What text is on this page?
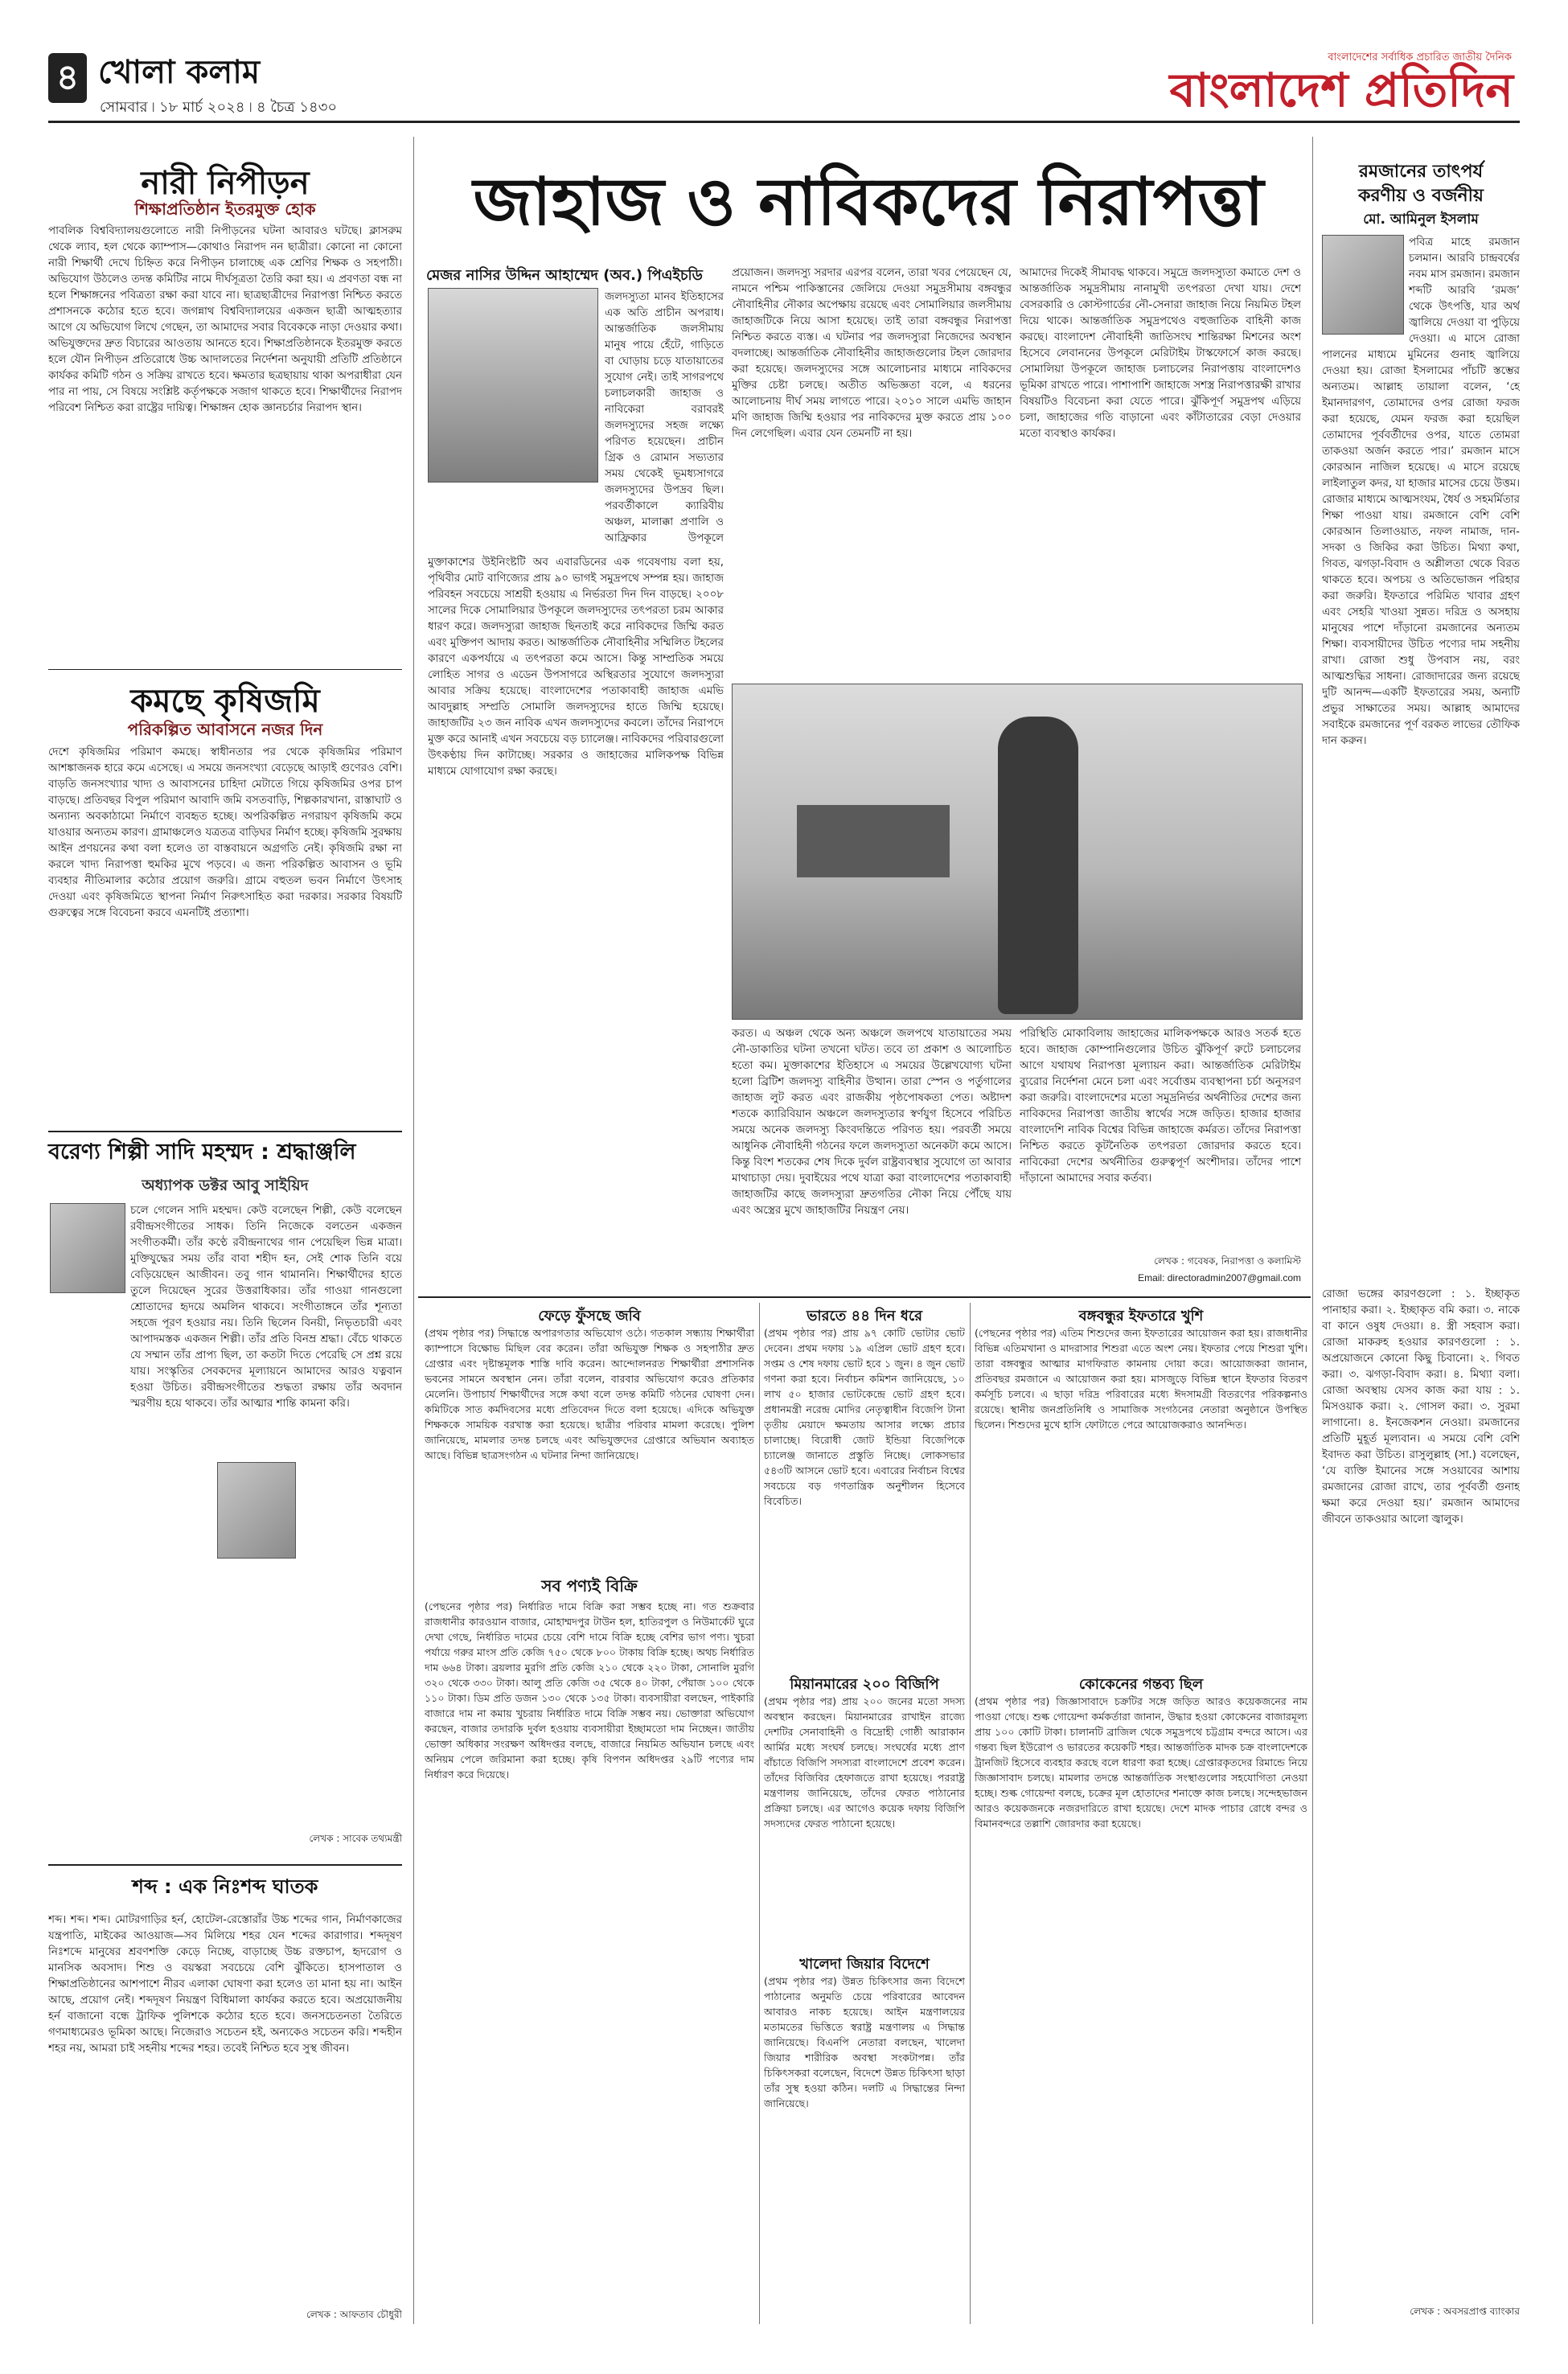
৪ খোলা কলাম
সোমবার ৷ ১৮ মার্চ ২০২৪ ৷ ৪ চৈত্র ১৪৩০
বাংলাদেশের সর্বাধিক প্রচারিত জাতীয় দৈনিক
বাংলাদেশ প্রতিদিন
নারী নিপীড়ন
শিক্ষাপ্রতিষ্ঠান ইতরমুক্ত হোক
পাবলিক বিশ্ববিদ্যালয়গুলোতে নারী নিপীড়নের ঘটনা আবারও ঘটছে। ক্লাসরুম থেকে ল্যাব, হল থেকে ক্যাম্পাস—কোথাও নিরাপদ নন ছাত্রীরা। কোনো না কোনো নারী শিক্ষার্থী দেখে চিহ্নিত করে নিপীড়ন চালাচ্ছে এক শ্রেণির শিক্ষক ও সহপাঠী। অভিযোগ উঠলেও তদন্ত কমিটির নামে দীর্ঘসূত্রতা তৈরি করা হয়। এ প্রবণতা বন্ধ না হলে শিক্ষাঙ্গনের পবিত্রতা রক্ষা করা যাবে না। ছাত্রছাত্রীদের নিরাপত্তা নিশ্চিত করতে প্রশাসনকে কঠোর হতে হবে। জগন্নাথ বিশ্ববিদ্যালয়ের একজন ছাত্রী আত্মহত্যার আগে যে অভিযোগ লিখে গেছেন, তা আমাদের সবার বিবেককে নাড়া দেওয়ার কথা। অভিযুক্তদের দ্রুত বিচারের আওতায় আনতে হবে। শিক্ষাপ্রতিষ্ঠানকে ইতরমুক্ত করতে হলে যৌন নিপীড়ন প্রতিরোধে উচ্চ আদালতের নির্দেশনা অনুযায়ী প্রতিটি প্রতিষ্ঠানে কার্যকর কমিটি গঠন ও সক্রিয় রাখতে হবে। ক্ষমতার ছত্রছায়ায় থাকা অপরাধীরা যেন পার না পায়, সে বিষয়ে সংশ্লিষ্ট কর্তৃপক্ষকে সজাগ থাকতে হবে। শিক্ষার্থীদের নিরাপদ পরিবেশ নিশ্চিত করা রাষ্ট্রের দায়িত্ব। শিক্ষাঙ্গন হোক জ্ঞানচর্চার নিরাপদ স্থান।
কমছে কৃষিজমি
পরিকল্পিত আবাসনে নজর দিন
দেশে কৃষিজমির পরিমাণ কমছে। স্বাধীনতার পর থেকে কৃষিজমির পরিমাণ আশঙ্কাজনক হারে কমে এসেছে। এ সময়ে জনসংখ্যা বেড়েছে আড়াই গুণেরও বেশি। বাড়তি জনসংখ্যার খাদ্য ও আবাসনের চাহিদা মেটাতে গিয়ে কৃষিজমির ওপর চাপ বাড়ছে। প্রতিবছর বিপুল পরিমাণ আবাদি জমি বসতবাড়ি, শিল্পকারখানা, রাস্তাঘাট ও অন্যান্য অবকাঠামো নির্মাণে ব্যবহৃত হচ্ছে। অপরিকল্পিত নগরায়ণ কৃষিজমি কমে যাওয়ার অন্যতম কারণ। গ্রামাঞ্চলেও যত্রতত্র বাড়িঘর নির্মাণ হচ্ছে। কৃষিজমি সুরক্ষায় আইন প্রণয়নের কথা বলা হলেও তা বাস্তবায়নে অগ্রগতি নেই। কৃষিজমি রক্ষা না করলে খাদ্য নিরাপত্তা হুমকির মুখে পড়বে। এ জন্য পরিকল্পিত আবাসন ও ভূমি ব্যবহার নীতিমালার কঠোর প্রয়োগ জরুরি। গ্রামে বহুতল ভবন নির্মাণে উৎসাহ দেওয়া এবং কৃষিজমিতে স্থাপনা নির্মাণ নিরুৎসাহিত করা দরকার। সরকার বিষয়টি গুরুত্বের সঙ্গে বিবেচনা করবে এমনটিই প্রত্যাশা।
বরেণ্য শিল্পী সাদি মহম্মদ : শ্রদ্ধাঞ্জলি
অধ্যাপক ডক্টর আবু সাইয়িদ
চলে গেলেন সাদি মহম্মদ। কেউ বলেছেন শিল্পী, কেউ বলেছেন রবীন্দ্রসংগীতের সাধক। তিনি নিজেকে বলতেন একজন সংগীতকর্মী। তাঁর কণ্ঠে রবীন্দ্রনাথের গান পেয়েছিল ভিন্ন মাত্রা। মুক্তিযুদ্ধের সময় তাঁর বাবা শহীদ হন, সেই শোক তিনি বয়ে বেড়িয়েছেন আজীবন। তবু গান থামাননি। শিক্ষার্থীদের হাতে তুলে দিয়েছেন সুরের উত্তরাধিকার। তাঁর গাওয়া গানগুলো শ্রোতাদের হৃদয়ে অমলিন থাকবে। সংগীতাঙ্গনে তাঁর শূন্যতা সহজে পূরণ হওয়ার নয়। তিনি ছিলেন বিনয়ী, নিভৃতচারী এবং আপাদমস্তক একজন শিল্পী। তাঁর প্রতি বিনম্র শ্রদ্ধা। বেঁচে থাকতে যে সম্মান তাঁর প্রাপ্য ছিল, তা কতটা দিতে পেরেছি সে প্রশ্ন রয়ে যায়। সংস্কৃতির সেবকদের মূল্যায়নে আমাদের আরও যত্নবান হওয়া উচিত। রবীন্দ্রসংগীতের শুদ্ধতা রক্ষায় তাঁর অবদান স্মরণীয় হয়ে থাকবে। তাঁর আত্মার শান্তি কামনা করি।
লেখক : সাবেক তথ্যমন্ত্রী
শব্দ : এক নিঃশব্দ ঘাতক
শব্দ। শব্দ। শব্দ। মোটরগাড়ির হর্ন, হোটেল-রেস্তোরাঁর উচ্চ শব্দের গান, নির্মাণকাজের যন্ত্রপাতি, মাইকের আওয়াজ—সব মিলিয়ে শহর যেন শব্দের কারাগার। শব্দদূষণ নিঃশব্দে মানুষের শ্রবণশক্তি কেড়ে নিচ্ছে, বাড়াচ্ছে উচ্চ রক্তচাপ, হৃদরোগ ও মানসিক অবসাদ। শিশু ও বয়স্করা সবচেয়ে বেশি ঝুঁকিতে। হাসপাতাল ও শিক্ষাপ্রতিষ্ঠানের আশপাশে নীরব এলাকা ঘোষণা করা হলেও তা মানা হয় না। আইন আছে, প্রয়োগ নেই। শব্দদূষণ নিয়ন্ত্রণ বিধিমালা কার্যকর করতে হবে। অপ্রয়োজনীয় হর্ন বাজানো বন্ধে ট্রাফিক পুলিশকে কঠোর হতে হবে। জনসচেতনতা তৈরিতে গণমাধ্যমেরও ভূমিকা আছে। নিজেরাও সচেতন হই, অন্যকেও সচেতন করি। শব্দহীন শহর নয়, আমরা চাই সহনীয় শব্দের শহর। তবেই নিশ্চিত হবে সুস্থ জীবন।
লেখক : আফতাব চৌধুরী
জাহাজ ও নাবিকদের নিরাপত্তা
মেজর নাসির উদ্দিন আহাম্মেদ (অব.) পিএইচডি
জলদস্যুতা মানব ইতিহাসের এক অতি প্রাচীন অপরাধ। আন্তর্জাতিক জলসীমায় মানুষ পায়ে হেঁটে, গাড়িতে বা ঘোড়ায় চড়ে যাতায়াতের সুযোগ নেই। তাই সাগরপথে চলাচলকারী জাহাজ ও নাবিকেরা বরাবরই জলদস্যুদের সহজ লক্ষ্যে পরিণত হয়েছেন। প্রাচীন গ্রিক ও রোমান সভ্যতার সময় থেকেই ভূমধ্যসাগরে জলদস্যুদের উপদ্রব ছিল। পরবর্তীকালে ক্যারিবীয় অঞ্চল, মালাক্কা প্রণালি ও আফ্রিকার উপকূলে
মুক্তাকাশের উইনিংষ্টটি অব এবারডিনের এক গবেষণায় বলা হয়, পৃথিবীর মোট বাণিজ্যের প্রায় ৯০ ভাগই সমুদ্রপথে সম্পন্ন হয়। জাহাজ পরিবহন সবচেয়ে সাশ্রয়ী হওয়ায় এ নির্ভরতা দিন দিন বাড়ছে। ২০০৮ সালের দিকে সোমালিয়ার উপকূলে জলদস্যুদের তৎপরতা চরম আকার ধারণ করে। জলদস্যুরা জাহাজ ছিনতাই করে নাবিকদের জিম্মি করত এবং মুক্তিপণ আদায় করত। আন্তর্জাতিক নৌবাহিনীর সম্মিলিত টহলের কারণে একপর্যায়ে এ তৎপরতা কমে আসে। কিন্তু সাম্প্রতিক সময়ে লোহিত সাগর ও এডেন উপসাগরে অস্থিরতার সুযোগে জলদস্যুরা আবার সক্রিয় হয়েছে। বাংলাদেশের পতাকাবাহী জাহাজ এমভি আবদুল্লাহ সম্প্রতি সোমালি জলদস্যুদের হাতে জিম্মি হয়েছে। জাহাজটির ২৩ জন নাবিক এখন জলদস্যুদের কবলে। তাঁদের নিরাপদে মুক্ত করে আনাই এখন সবচেয়ে বড় চ্যালেঞ্জ। নাবিকদের পরিবারগুলো উৎকণ্ঠায় দিন কাটাচ্ছে। সরকার ও জাহাজের মালিকপক্ষ বিভিন্ন মাধ্যমে যোগাযোগ রক্ষা করছে।
প্রয়োজন। জলদস্যু সরদার এরপর বলেন, তারা খবর পেয়েছেন যে, নামনে পশ্চিম পাকিস্তানের জেলিয়ে দেওয়া সমুদ্রসীমায় বঙ্গবন্ধুর নৌবাহিনীর নৌকার অপেক্ষায় রয়েছে এবং সোমালিয়ার জলসীমায় জাহাজটিকে নিয়ে আসা হয়েছে। তাই তারা বঙ্গবন্ধুর নিরাপত্তা নিশ্চিত করতে ব্যস্ত। এ ঘটনার পর জলদস্যুরা নিজেদের অবস্থান বদলাচ্ছে। আন্তর্জাতিক নৌবাহিনীর জাহাজগুলোর টহল জোরদার করা হয়েছে। জলদস্যুদের সঙ্গে আলোচনার মাধ্যমে নাবিকদের মুক্তির চেষ্টা চলছে। অতীত অভিজ্ঞতা বলে, এ ধরনের আলোচনায় দীর্ঘ সময় লাগতে পারে। ২০১০ সালে এমভি জাহান মণি জাহাজ জিম্মি হওয়ার পর নাবিকদের মুক্ত করতে প্রায় ১০০ দিন লেগেছিল। এবার যেন তেমনটি না হয়।
আমাদের দিকেই সীমাবদ্ধ থাকবে। সমুদ্রে জলদস্যুতা কমাতে দেশ ও আন্তর্জাতিক সমুদ্রসীমায় নানামুখী তৎপরতা দেখা যায়। দেশে বেসরকারি ও কোস্টগার্ডের নৌ-সেনারা জাহাজ নিয়ে নিয়মিত টহল দিয়ে থাকে। আন্তর্জাতিক সমুদ্রপথেও বহুজাতিক বাহিনী কাজ করছে। বাংলাদেশ নৌবাহিনী জাতিসংঘ শান্তিরক্ষা মিশনের অংশ হিসেবে লেবাননের উপকূলে মেরিটাইম টাস্কফোর্সে কাজ করছে। সোমালিয়া উপকূলে জাহাজ চলাচলের নিরাপত্তায় বাংলাদেশও ভূমিকা রাখতে পারে। পাশাপাশি জাহাজে সশস্ত্র নিরাপত্তারক্ষী রাখার বিষয়টিও বিবেচনা করা যেতে পারে। ঝুঁকিপূর্ণ সমুদ্রপথ এড়িয়ে চলা, জাহাজের গতি বাড়ানো এবং কাঁটাতারের বেড়া দেওয়ার মতো ব্যবস্থাও কার্যকর।
করত। এ অঞ্চল থেকে অন্য অঞ্চলে জলপথে যাতায়াতের সময় নৌ-ডাকাতির ঘটনা তখনো ঘটত। তবে তা প্রকাশ ও আলোচিত হতো কম। মুক্তাকাশের ইতিহাসে এ সময়ের উল্লেখযোগ্য ঘটনা হলো ব্রিটিশ জলদস্যু বাহিনীর উত্থান। তারা স্পেন ও পর্তুগালের জাহাজ লুট করত এবং রাজকীয় পৃষ্ঠপোষকতা পেত। অষ্টাদশ শতকে ক্যারিবিয়ান অঞ্চলে জলদস্যুতার স্বর্ণযুগ হিসেবে পরিচিত সময়ে অনেক জলদস্যু কিংবদন্তিতে পরিণত হয়। পরবর্তী সময়ে আধুনিক নৌবাহিনী গঠনের ফলে জলদস্যুতা অনেকটা কমে আসে। কিন্তু বিংশ শতকের শেষ দিকে দুর্বল রাষ্ট্রব্যবস্থার সুযোগে তা আবার মাথাচাড়া দেয়। দুবাইয়ের পথে যাত্রা করা বাংলাদেশের পতাকাবাহী জাহাজটির কাছে জলদস্যুরা দ্রুতগতির নৌকা নিয়ে পৌঁছে যায় এবং অস্ত্রের মুখে জাহাজটির নিয়ন্ত্রণ নেয়।
পরিস্থিতি মোকাবিলায় জাহাজের মালিকপক্ষকে আরও সতর্ক হতে হবে। জাহাজ কোম্পানিগুলোর উচিত ঝুঁকিপূর্ণ রুটে চলাচলের আগে যথাযথ নিরাপত্তা মূল্যায়ন করা। আন্তর্জাতিক মেরিটাইম ব্যুরোর নির্দেশনা মেনে চলা এবং সর্বোত্তম ব্যবস্থাপনা চর্চা অনুসরণ করা জরুরি। বাংলাদেশের মতো সমুদ্রনির্ভর অর্থনীতির দেশের জন্য নাবিকদের নিরাপত্তা জাতীয় স্বার্থের সঙ্গে জড়িত। হাজার হাজার বাংলাদেশি নাবিক বিশ্বের বিভিন্ন জাহাজে কর্মরত। তাঁদের নিরাপত্তা নিশ্চিত করতে কূটনৈতিক তৎপরতা জোরদার করতে হবে। নাবিকেরা দেশের অর্থনীতির গুরুত্বপূর্ণ অংশীদার। তাঁদের পাশে দাঁড়ানো আমাদের সবার কর্তব্য।
লেখক : গবেষক, নিরাপত্তা ও কলামিস্ট
Email: directoradmin2007@gmail.com
ফেড়ে ফুঁসছে জবি
(প্রথম পৃষ্ঠার পর) সিদ্ধান্তে অপারগতার অভিযোগ ওঠে। গতকাল সন্ধ্যায় শিক্ষার্থীরা ক্যাম্পাসে বিক্ষোভ মিছিল বের করেন। তাঁরা অভিযুক্ত শিক্ষক ও সহপাঠীর দ্রুত গ্রেপ্তার এবং দৃষ্টান্তমূলক শাস্তি দাবি করেন। আন্দোলনরত শিক্ষার্থীরা প্রশাসনিক ভবনের সামনে অবস্থান নেন। তাঁরা বলেন, বারবার অভিযোগ করেও প্রতিকার মেলেনি। উপাচার্য শিক্ষার্থীদের সঙ্গে কথা বলে তদন্ত কমিটি গঠনের ঘোষণা দেন। কমিটিকে সাত কর্মদিবসের মধ্যে প্রতিবেদন দিতে বলা হয়েছে। এদিকে অভিযুক্ত শিক্ষককে সাময়িক বরখাস্ত করা হয়েছে। ছাত্রীর পরিবার মামলা করেছে। পুলিশ জানিয়েছে, মামলার তদন্ত চলছে এবং অভিযুক্তদের গ্রেপ্তারে অভিযান অব্যাহত আছে। বিভিন্ন ছাত্রসংগঠন এ ঘটনার নিন্দা জানিয়েছে।
সব পণ্যই বিক্রি
(পেছনের পৃষ্ঠার পর) নির্ধারিত দামে বিক্রি করা সম্ভব হচ্ছে না। গত শুক্রবার রাজধানীর কারওয়ান বাজার, মোহাম্মদপুর টাউন হল, হাতিরপুল ও নিউমার্কেট ঘুরে দেখা গেছে, নির্ধারিত দামের চেয়ে বেশি দামে বিক্রি হচ্ছে বেশির ভাগ পণ্য। খুচরা পর্যায়ে গরুর মাংস প্রতি কেজি ৭৫০ থেকে ৮০০ টাকায় বিক্রি হচ্ছে। অথচ নির্ধারিত দাম ৬৬৪ টাকা। ব্রয়লার মুরগি প্রতি কেজি ২১০ থেকে ২২০ টাকা, সোনালি মুরগি ৩২০ থেকে ৩৩০ টাকা। আলু প্রতি কেজি ৩৫ থেকে ৪০ টাকা, পেঁয়াজ ১০০ থেকে ১১০ টাকা। ডিম প্রতি ডজন ১৩০ থেকে ১৩৫ টাকা। ব্যবসায়ীরা বলছেন, পাইকারি বাজারে দাম না কমায় খুচরায় নির্ধারিত দামে বিক্রি সম্ভব নয়। ভোক্তারা অভিযোগ করছেন, বাজার তদারকি দুর্বল হওয়ায় ব্যবসায়ীরা ইচ্ছামতো দাম নিচ্ছেন। জাতীয় ভোক্তা অধিকার সংরক্ষণ অধিদপ্তর বলছে, বাজারে নিয়মিত অভিযান চলছে এবং অনিয়ম পেলে জরিমানা করা হচ্ছে। কৃষি বিপণন অধিদপ্তর ২৯টি পণ্যের দাম নির্ধারণ করে দিয়েছে।
ভারতে ৪৪ দিন ধরে
(প্রথম পৃষ্ঠার পর) প্রায় ৯৭ কোটি ভোটার ভোট দেবেন। প্রথম দফায় ১৯ এপ্রিল ভোট গ্রহণ হবে। সপ্তম ও শেষ দফায় ভোট হবে ১ জুন। ৪ জুন ভোট গণনা করা হবে। নির্বাচন কমিশন জানিয়েছে, ১০ লাখ ৫০ হাজার ভোটকেন্দ্রে ভোট গ্রহণ হবে। প্রধানমন্ত্রী নরেন্দ্র মোদির নেতৃত্বাধীন বিজেপি টানা তৃতীয় মেয়াদে ক্ষমতায় আসার লক্ষ্যে প্রচার চালাচ্ছে। বিরোধী জোট ইন্ডিয়া বিজেপিকে চ্যালেঞ্জ জানাতে প্রস্তুতি নিচ্ছে। লোকসভার ৫৪৩টি আসনে ভোট হবে। এবারের নির্বাচন বিশ্বের সবচেয়ে বড় গণতান্ত্রিক অনুশীলন হিসেবে বিবেচিত।
মিয়ানমারের ২০০ বিজিপি
(প্রথম পৃষ্ঠার পর) প্রায় ২০০ জনের মতো সদস্য অবস্থান করছেন। মিয়ানমারের রাখাইন রাজ্যে দেশটির সেনাবাহিনী ও বিদ্রোহী গোষ্ঠী আরাকান আর্মির মধ্যে সংঘর্ষ চলছে। সংঘর্ষের মধ্যে প্রাণ বাঁচাতে বিজিপি সদস্যরা বাংলাদেশে প্রবেশ করেন। তাঁদের বিজিবির হেফাজতে রাখা হয়েছে। পররাষ্ট্র মন্ত্রণালয় জানিয়েছে, তাঁদের ফেরত পাঠানোর প্রক্রিয়া চলছে। এর আগেও কয়েক দফায় বিজিপি সদস্যদের ফেরত পাঠানো হয়েছে।
খালেদা জিয়ার বিদেশে
(প্রথম পৃষ্ঠার পর) উন্নত চিকিৎসার জন্য বিদেশে পাঠানোর অনুমতি চেয়ে পরিবারের আবেদন আবারও নাকচ হয়েছে। আইন মন্ত্রণালয়ের মতামতের ভিত্তিতে স্বরাষ্ট্র মন্ত্রণালয় এ সিদ্ধান্ত জানিয়েছে। বিএনপি নেতারা বলছেন, খালেদা জিয়ার শারীরিক অবস্থা সংকটাপন্ন। তাঁর চিকিৎসকরা বলেছেন, বিদেশে উন্নত চিকিৎসা ছাড়া তাঁর সুস্থ হওয়া কঠিন। দলটি এ সিদ্ধান্তের নিন্দা জানিয়েছে।
বঙ্গবন্ধুর ইফতারে খুশি
(পেছনের পৃষ্ঠার পর) এতিম শিশুদের জন্য ইফতারের আয়োজন করা হয়। রাজধানীর বিভিন্ন এতিমখানা ও মাদরাসার শিশুরা এতে অংশ নেয়। ইফতার পেয়ে শিশুরা খুশি। তারা বঙ্গবন্ধুর আত্মার মাগফিরাত কামনায় দোয়া করে। আয়োজকরা জানান, প্রতিবছর রমজানে এ আয়োজন করা হয়। মাসজুড়ে বিভিন্ন স্থানে ইফতার বিতরণ কর্মসূচি চলবে। এ ছাড়া দরিদ্র পরিবারের মধ্যে ঈদসামগ্রী বিতরণের পরিকল্পনাও রয়েছে। স্থানীয় জনপ্রতিনিধি ও সামাজিক সংগঠনের নেতারা অনুষ্ঠানে উপস্থিত ছিলেন। শিশুদের মুখে হাসি ফোটাতে পেরে আয়োজকরাও আনন্দিত।
কোকেনের গন্তব্য ছিল
(প্রথম পৃষ্ঠার পর) জিজ্ঞাসাবাদে চক্রটির সঙ্গে জড়িত আরও কয়েকজনের নাম পাওয়া গেছে। শুল্ক গোয়েন্দা কর্মকর্তারা জানান, উদ্ধার হওয়া কোকেনের বাজারমূল্য প্রায় ১০০ কোটি টাকা। চালানটি ব্রাজিল থেকে সমুদ্রপথে চট্টগ্রাম বন্দরে আসে। এর গন্তব্য ছিল ইউরোপ ও ভারতের কয়েকটি শহর। আন্তর্জাতিক মাদক চক্র বাংলাদেশকে ট্রানজিট হিসেবে ব্যবহার করছে বলে ধারণা করা হচ্ছে। গ্রেপ্তারকৃতদের রিমান্ডে নিয়ে জিজ্ঞাসাবাদ চলছে। মামলার তদন্তে আন্তর্জাতিক সংস্থাগুলোর সহযোগিতা নেওয়া হচ্ছে। শুল্ক গোয়েন্দা বলছে, চক্রের মূল হোতাদের শনাক্তে কাজ চলছে। সন্দেহভাজন আরও কয়েকজনকে নজরদারিতে রাখা হয়েছে। দেশে মাদক পাচার রোধে বন্দর ও বিমানবন্দরে তল্লাশি জোরদার করা হয়েছে।
রমজানের তাৎপর্য
করণীয় ও বর্জনীয়
মো. আমিনুল ইসলাম
পবিত্র মাহে রমজান চলমান। আরবি চান্দ্রবর্ষের নবম মাস রমজান। রমজান শব্দটি আরবি ‘রমজ’ থেকে উৎপত্তি, যার অর্থ জ্বালিয়ে দেওয়া বা পুড়িয়ে দেওয়া। এ মাসে রোজা পালনের মাধ্যমে মুমিনের গুনাহ জ্বালিয়ে দেওয়া হয়। রোজা ইসলামের পাঁচটি স্তম্ভের অন্যতম। আল্লাহ তায়ালা বলেন, ‘হে ইমানদারগণ, তোমাদের ওপর রোজা ফরজ করা হয়েছে, যেমন ফরজ করা হয়েছিল তোমাদের পূর্ববর্তীদের ওপর, যাতে তোমরা তাকওয়া অর্জন করতে পার।’ রমজান মাসে কোরআন নাজিল হয়েছে। এ মাসে রয়েছে লাইলাতুল কদর, যা হাজার মাসের চেয়ে উত্তম। রোজার মাধ্যমে আত্মসংযম, ধৈর্য ও সহমর্মিতার শিক্ষা পাওয়া যায়। রমজানে বেশি বেশি কোরআন তিলাওয়াত, নফল নামাজ, দান-সদকা ও জিকির করা উচিত। মিথ্যা কথা, গিবত, ঝগড়া-বিবাদ ও অশ্লীলতা থেকে বিরত থাকতে হবে। অপচয় ও অতিভোজন পরিহার করা জরুরি। ইফতারে পরিমিত খাবার গ্রহণ এবং সেহরি খাওয়া সুন্নত। দরিদ্র ও অসহায় মানুষের পাশে দাঁড়ানো রমজানের অন্যতম শিক্ষা। ব্যবসায়ীদের উচিত পণ্যের দাম সহনীয় রাখা। রোজা শুধু উপবাস নয়, বরং আত্মশুদ্ধির সাধনা। রোজাদারের জন্য রয়েছে দুটি আনন্দ—একটি ইফতারের সময়, অন্যটি প্রভুর সাক্ষাতের সময়। আল্লাহ আমাদের সবাইকে রমজানের পূর্ণ বরকত লাভের তৌফিক দান করুন।
রোজা ভঙ্গের কারণগুলো : ১. ইচ্ছাকৃত পানাহার করা। ২. ইচ্ছাকৃত বমি করা। ৩. নাকে বা কানে ওষুধ দেওয়া। ৪. স্ত্রী সহবাস করা। রোজা মাকরুহ হওয়ার কারণগুলো : ১. অপ্রয়োজনে কোনো কিছু চিবানো। ২. গিবত করা। ৩. ঝগড়া-বিবাদ করা। ৪. মিথ্যা বলা। রোজা অবস্থায় যেসব কাজ করা যায় : ১. মিসওয়াক করা। ২. গোসল করা। ৩. সুরমা লাগানো। ৪. ইনজেকশন নেওয়া। রমজানের প্রতিটি মুহূর্ত মূল্যবান। এ সময়ে বেশি বেশি ইবাদত করা উচিত। রাসুলুল্লাহ (সা.) বলেছেন, ‘যে ব্যক্তি ইমানের সঙ্গে সওয়াবের আশায় রমজানের রোজা রাখে, তার পূর্ববর্তী গুনাহ ক্ষমা করে দেওয়া হয়।’ রমজান আমাদের জীবনে তাকওয়ার আলো জ্বালুক।
লেখক : অবসরপ্রাপ্ত ব্যাংকার
